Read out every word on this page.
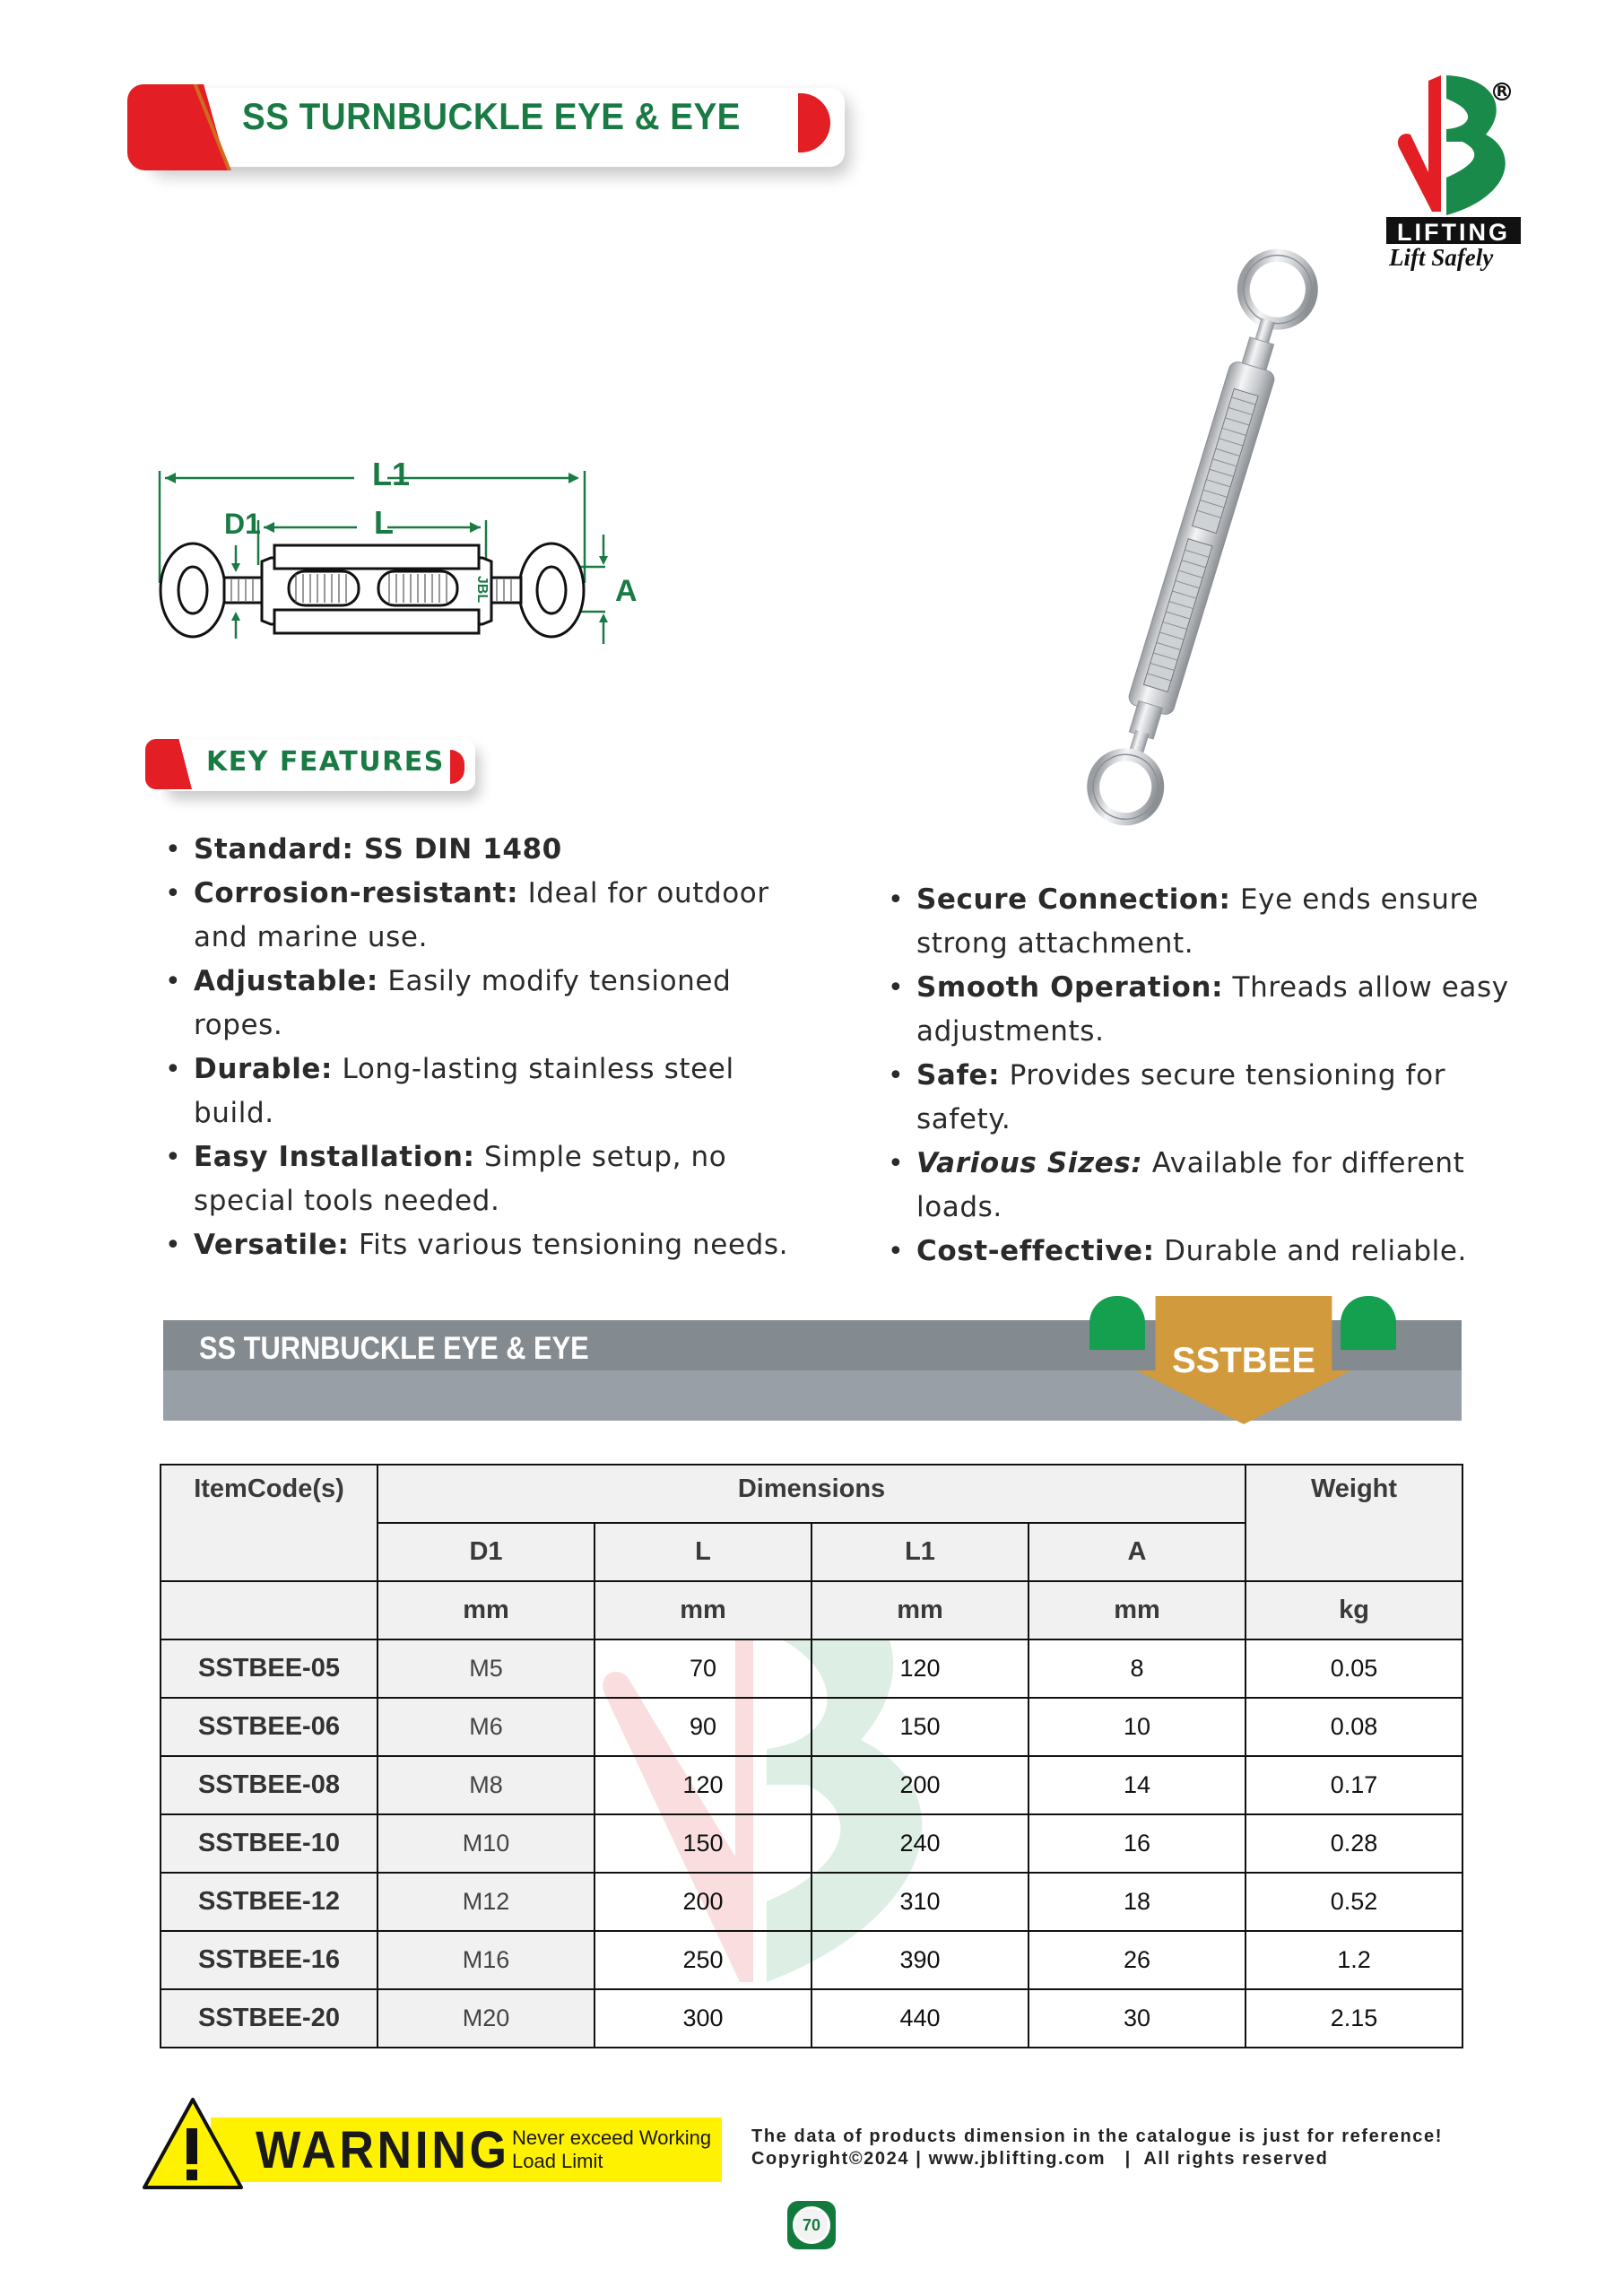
SS TURNBUCKLE EYE & EYE
R
LIFTING
Lift Safely
L1
L
D1
A
JBL
KEY FEATURES
• Standard: SS DIN 1480
• Corrosion-resistant: Ideal for outdoor and marine use.
• Adjustable: Easily modify tensioned ropes.
• Durable: Long-lasting stainless steel build.
• Easy Installation: Simple setup, no special tools needed.
• Versatile: Fits various tensioning needs.
• Secure Connection: Eye ends ensure strong attachment.
• Smooth Operation: Threads allow easy adjustments.
• Safe: Provides secure tensioning for safety.
• Various Sizes: Available for different loads.
• Cost-effective: Durable and reliable.
SS TURNBUCKLE EYE & EYE	SSTBEE
ItemCode(s)	Dimensions				Weight
	D1	L	L1	A	
	mm	mm	mm	mm	kg
SSTBEE-05	M5	70	120	8	0.05
SSTBEE-06	M6	90	150	10	0.08
SSTBEE-08	M8	120	200	14	0.17
SSTBEE-10	M10	150	240	16	0.28
SSTBEE-12	M12	200	310	18	0.52
SSTBEE-16	M16	250	390	26	1.2
SSTBEE-20	M20	300	440	30	2.15
WARNING Never exceed Working
Load Limit
The data of products dimension in the catalogue is just for reference!
Copyright©2024 | www.jblifting.com   |  All rights reserved
70
